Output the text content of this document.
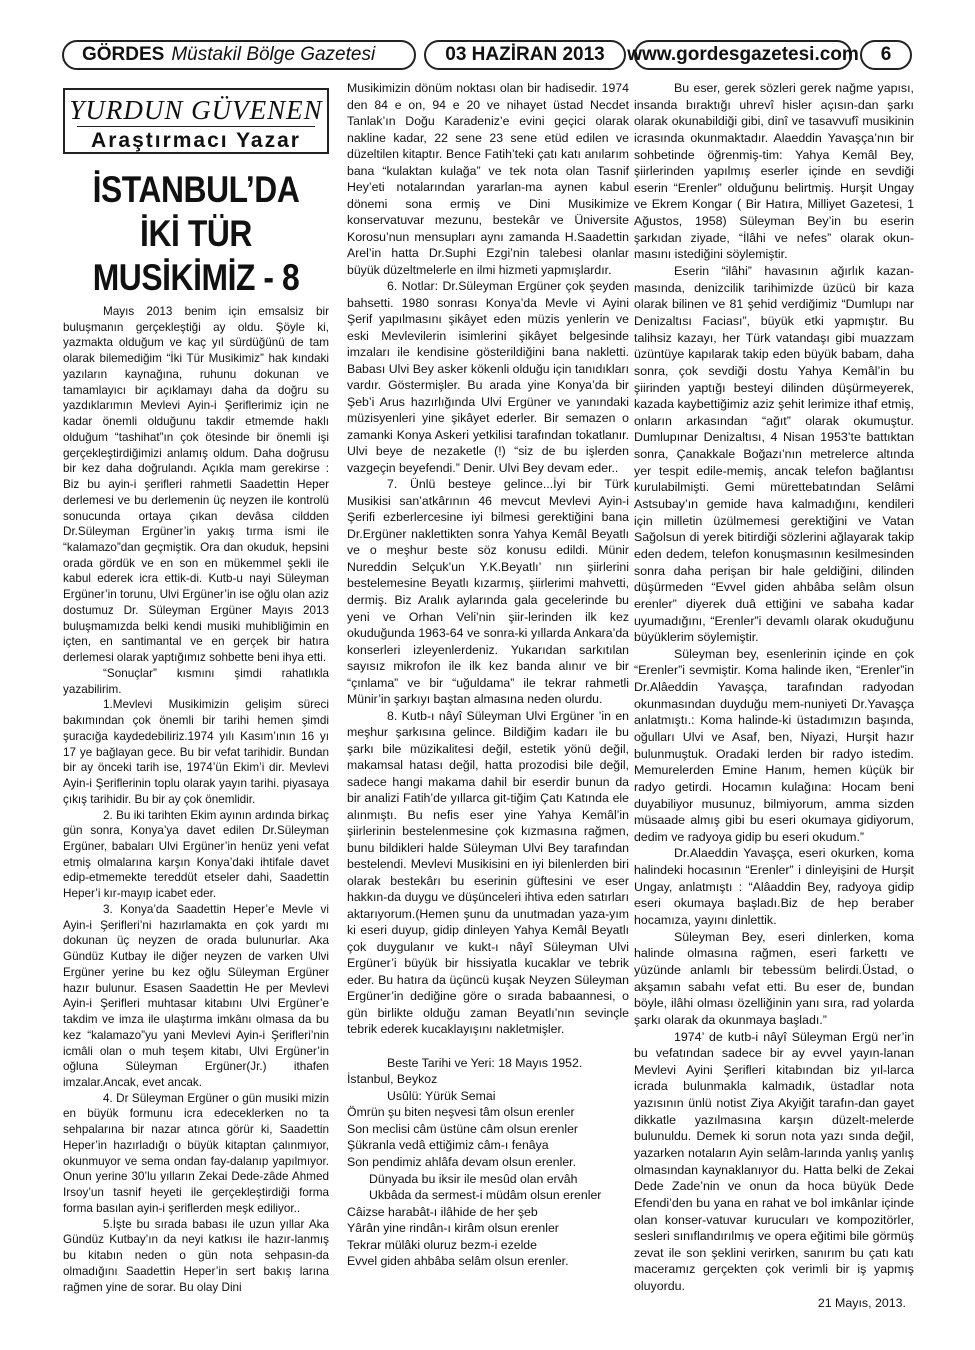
GÖRDES Müstakil Bölge Gazetesi	03 HAZİRAN 2013	www.gordesgazetesi.com	6
YURDUN GÜVENEN
Araştırmacı Yazar
İSTANBUL’DA İKİ TÜR
MUSİKİMİZ - 8

Mayıs 2013 benim için emsalsiz bir buluşmanın gerçekleştiği ay oldu. Şöyle ki, yazmakta olduğum ve kaç yıl sürdüğünü de tam olarak bilemediğim “İki Tür Musikimiz” hak kındaki yazıların kaynağına, ruhunu dokunan ve tamamlayıcı bir açıklamayı daha da doğru su yazdıklarımın Mevlevi Ayin-i Şeriflerimiz için ne kadar önemli olduğunu takdir etmemde haklı olduğum “tashihat”ın çok ötesinde bir önemli işi gerçekleştirdiğimizi anlamış oldum. Daha doğrusu bir kez daha doğrulandı. Açıkla mam gerekirse : Biz bu ayin-i şerifleri rahmetli Saadettin Heper derlemesi ve bu derlemenin üç neyzen ile kontrolü sonucunda ortaya çıkan devâsa cildden Dr.Süleyman Ergüner’in yakış tırma ismi ile “kalamazo”dan geçmiştik. Ora dan okuduk, hepsini orada gördük ve en son en mükemmel şekli ile kabul ederek icra ettik-di. Kutb-u nayi Süleyman Ergüner’in torunu, Ulvi Ergüner’in ise oğlu olan aziz dostumuz Dr. Süleyman Ergüner Mayıs 2013 buluşmamızda belki kendi musiki muhibliğimin en içten, en santimantal ve en gerçek bir hatıra derlemesi olarak yaptığımız sohbette beni ihya etti.

“Sonuçlar” kısmını şimdi rahatlıkla yazabilirim.

1.Mevlevi Musikimizin gelişim süreci bakımından çok önemli bir tarihi hemen şimdi şuracığa kaydedebiliriz.1974 yılı Kasım’ının 16 yı 17 ye bağlayan gece. Bu bir vefat tarihidir. Bundan bir ay önceki tarih ise, 1974’ün Ekim’i dir. Mevlevi Ayin-i Şeriflerinin toplu olarak yayın tarihi. piyasaya çıkış tarihidir. Bu bir ay çok önemlidir.

2. Bu iki tarihten Ekim ayının ardında birkaç gün sonra, Konya’ya davet edilen Dr.Süleyman Ergüner, babaları Ulvi Ergüner’in henüz yeni vefat etmiş olmalarına karşın Konya’daki ihtifale davet edip-etmemekte tereddüt etseler dahi, Saadettin Heper’i kır-mayıp icabet eder.

3. Konya’da Saadettin Heper’e Mevle vi Ayin-i Şerifleri’ni hazırlamakta en çok yardı mı dokunan üç neyzen de orada bulunurlar. Aka Gündüz Kutbay ile diğer neyzen de varken Ulvi Ergüner yerine bu kez oğlu Süleyman Ergüner hazır bulunur. Esasen Saadettin He per Mevlevi Ayin-i Şerifleri muhtasar kitabını Ulvi Ergüner’e takdim ve imza ile ulaştırma imkânı olmasa da bu kez “kalamazo”yu yani Mevlevi Ayin-i Şerifleri’nin icmâli olan o muh teşem kitabı, Ulvi Ergüner’in oğluna Süleyman Ergüner(Jr.) ithafen imzalar.Ancak, evet ancak.

4. Dr Süleyman Ergüner o gün musiki mizin en büyük formunu icra edeceklerken no ta sehpalarına bir nazar atınca görür ki, Saadettin Heper’in hazırladığı o büyük kitaptan çalınmıyor, okunmuyor ve sema ondan fay-dalanıp yapılmıyor. Onun yerine 30’lu yılların Zekai Dede-zâde Ahmed Irsoy’un tasnif heyeti ile gerçekleştirdiği forma forma basılan ayin-i şeriflerden meşk ediliyor..

5.İşte bu sırada babası ile uzun yıllar Aka Gündüz Kutbay’ın da neyi katkısı ile hazır-lanmış bu kitabın neden o gün nota sehpasın-da olmadığını Saadettin Heper’in sert bakış larına rağmen yine de sorar. Bu olay Dini

Musikimizin dönüm noktası olan bir hadisedir. 1974 den 84 e on, 94 e 20 ve nihayet üstad Necdet Tanlak’ın Doğu Karadeniz’e evini geçici olarak nakline kadar, 22 sene 23 sene etüd edilen ve düzeltilen kitaptır. Bence Fatih’teki çatı katı anılarım bana “kulaktan kulağa” ve tek nota olan Tasnif Hey’eti notalarından yararlan-ma aynen kabul dönemi sona ermiş ve Dini Musikimize konservatuvar mezunu, bestekâr ve Üniversite Korosu’nun mensupları aynı zamanda H.Saadettin Arel’in hatta Dr.Suphi Ezgi’nin talebesi olanlar büyük düzeltmelerle en ilmi hizmeti yapmışlardır.

6. Notlar: Dr.Süleyman Ergüner çok şeyden bahsetti. 1980 sonrası Konya’da Mevle vi Ayini Şerif yapılmasını şikâyet eden müzis yenlerin ve eski Mevlevilerin isimlerini şikâyet belgesinde imzaları ile kendisine gösterildiğini bana nakletti. Babası Ulvi Bey asker kökenli olduğu için tanıdıkları vardır. Göstermişler. Bu arada yine Konya’da bir Şeb’i Arus hazırlığında Ulvi Ergüner ve yanındaki müzisyenleri yine şikâyet ederler. Bir semazen o zamanki Konya Askeri yetkilisi tarafından tokatlanır. Ulvi beye de nezaketle (!) “siz de bu işlerden vazgeçin beyefendi.” Denir. Ulvi Bey devam eder..

7. Ünlü besteye gelince...İyi bir Türk Musikisi san’atkârının 46 mevcut Mevlevi Ayin-i Şerifi ezberlercesine iyi bilmesi gerektiğini bana Dr.Ergüner naklettikten sonra Yahya Kemâl Beyatlı ve o meşhur beste söz konusu edildi. Münir Nureddin Selçuk’un Y.K.Beyatlı’ nın şiirlerini bestelemesine Beyatlı kızarmış, şiirlerimi mahvetti, dermiş. Biz Aralık aylarında gala gecelerinde bu yeni ve Orhan Veli’nin şiir-lerinden ilk kez okuduğunda 1963-64 ve sonra-ki yıllarda Ankara’da konserleri izleyenlerdeniz. Yukarıdan sarkıtılan sayısız mikrofon ile ilk kez banda alınır ve bir “çınlama” ve bir “uğuldama” ile tekrar rahmetli Münir’in şarkıyı baştan almasına neden olurdu.

8. Kutb-ı nâyî Süleyman Ulvi Ergüner ’in en meşhur şarkısına gelince. Bildiğim kadarı ile bu şarkı bile müzikalitesi değil, estetik yönü değil, makamsal hatası değil, hatta prozodisi bile değil, sadece hangi makama dahil bir eserdir bunun da bir analizi Fatih’de yıllarca git-tiğim Çatı Katında ele alınmıştı. Bu nefis eser yine Yahya Kemâl’in şiirlerinin bestelenmesine çok kızmasına rağmen, bunu bildikleri halde Süleyman Ulvi Bey tarafından bestelendi. Mevlevi Musikisini en iyi bilenlerden biri olarak bestekârı bu eserinin güftesini ve eser hakkın-da duygu ve düşünceleri ihtiva eden satırları aktarıyorum.(Hemen şunu da unutmadan yaza-yım ki eseri duyup, gidip dinleyen Yahya Kemâl Beyatlı çok duygulanır ve kukt-ı nâyî Süleyman Ulvi Ergüner’i büyük bir hissiyatla kucaklar ve tebrik eder. Bu hatıra da üçüncü kuşak Neyzen Süleyman Ergüner’in dediğine göre o sırada babaannesi, o gün birlikte olduğu zaman Beyatlı’nın sevinçle tebrik ederek kucaklayışını nakletmişler.

Beste Tarihi ve Yeri: 18 Mayıs 1952. İstanbul, Beykoz

Usûlü: Yürük Semai

Ömrün şu biten neşvesi tâm olsun erenler

Son meclisi câm üstüne câm olsun erenler

Şükranla vedâ ettiğimiz câm-ı fenâya

Son pendimiz ahlâfa devam olsun erenler.

Dünyada bu iksir ile mesûd olan ervâh

Ukbâda da sermest-i müdâm olsun erenler

Câizse harabât-ı ilâhide de her şeb

Yârân yine rindân-ı kirâm olsun erenler

Tekrar mülâki oluruz bezm-i ezelde

Evvel giden ahbâba selâm olsun erenler.

Bu eser, gerek sözleri gerek nağme yapısı, insanda bıraktığı uhrevî hisler açısın-dan şarkı olarak okunabildiği gibi, dinî ve tasavvufî musikinin icrasında okunmaktadır. Alaeddin Yavaşça’nın bir sohbetinde öğrenmiş-tim: Yahya Kemâl Bey, şiirlerinden yapılmış eserler içinde en sevdiği eserin “Erenler” olduğunu belirtmiş. Hurşit Ungay ve Ekrem Kongar ( Bir Hatıra, Milliyet Gazetesi, 1 Ağustos, 1958) Süleyman Bey’in bu eserin şarkıdan ziyade, “İlâhi ve nefes” olarak okun-masını istediğini söylemiştir.

Eserin “ilâhi” havasının ağırlık kazan-masında, denizcilik tarihimizde üzücü bir kaza olarak bilinen ve 81 şehid verdiğimiz “Dumlupı nar Denizaltısı Faciası”, büyük etki yapmıştır. Bu talihsiz kazayı, her Türk vatandaşı gibi muazzam üzüntüye kapılarak takip eden büyük babam, daha sonra, çok sevdiği dostu Yahya Kemâl’in bu şiirinden yaptığı besteyi dilinden düşürmeyerek, kazada kaybettiğimiz aziz şehit lerimize ithaf etmiş, onların arkasından “ağıt” olarak okumuştur. Dumlupınar Denizaltısı, 4 Nisan 1953’te battıktan sonra, Çanakkale Boğazı’nın metrelerce altında yer tespit edile-memiş, ancak telefon bağlantısı kurulabilmişti. Gemi mürettebatından Selâmi Astsubay’ın gemide hava kalmadığını, kendileri için milletin üzülmemesi gerektiğini ve Vatan Sağolsun di yerek bitirdiği sözlerini ağlayarak takip eden dedem, telefon konuşmasının kesilmesinden sonra daha perişan bir hale geldiğini, dilinden düşürmeden “Evvel giden ahbâba selâm olsun erenler” diyerek duâ ettiğini ve sabaha kadar uyumadığını, “Erenler”i devamlı olarak okuduğunu büyüklerim söylemiştir.

Süleyman bey, esenlerinin içinde en çok “Erenler”i sevmiştir. Koma halinde iken, “Erenler”in Dr.Alâeddin Yavaşça, tarafından radyodan okunmasından duyduğu mem-nuniyeti Dr.Yavaşça anlatmıştı.: Koma halinde-ki üstadımızın başında, oğulları Ulvi ve Asaf, ben, Niyazi, Hurşit hazır bulunmuştuk. Oradaki lerden bir radyo istedim. Memurelerden Emine Hanım, hemen küçük bir radyo getirdi. Hocamın kulağına: Hocam beni duyabiliyor musunuz, bilmiyorum, amma sizden müsaade almış gibi bu eseri okumaya gidiyorum, dedim ve radyoya gidip bu eseri okudum.”

Dr.Alaeddin Yavaşça, eseri okurken, koma halindeki hocasının “Erenler” i dinleyişini de Hurşit Ungay, anlatmıştı : “Alâaddin Bey, radyoya gidip eseri okumaya başladı.Biz de hep beraber hocamıza, yayını dinlettik.

Süleyman Bey, eseri dinlerken, koma halinde olmasına rağmen, eseri farkettı ve yüzünde anlamlı bir tebessüm belirdi.Üstad, o akşamın sabahı vefat etti. Bu eser de, bundan böyle, ilâhi olması özelliğinin yanı sıra, rad yolarda şarkı olarak da okunmaya başladı.”

1974’ de kutb-i nâyî Süleyman Ergü ner’in bu vefatından sadece bir ay evvel yayın-lanan Mevlevi Ayini Şerifleri kitabından biz yıl-larca icrada bulunmakla kalmadık, üstadlar nota yazısının ünlü notist Ziya Akyiğit tarafın-dan gayet dikkatle yazılmasına karşın düzelt-melerde bulunuldu. Demek ki sorun nota yazı sında değil, yazarken notaların Ayin selâm-larında yanlış yanlış olmasından kaynaklanıyor du. Hatta belki de Zekai Dede Zade’nin ve onun da hoca büyük Dede Efendi’den bu yana en rahat ve bol imkânlar içinde olan konser-vatuvar kurucuları ve kompozitörler, sesleri sınıflandırılmış ve opera eğitimi bile görmüş zevat ile son şeklini verirken, sanırım bu çatı katı maceramız gerçekten çok verimli bir iş yapmış oluyordu.

21 Mayıs, 2013.
